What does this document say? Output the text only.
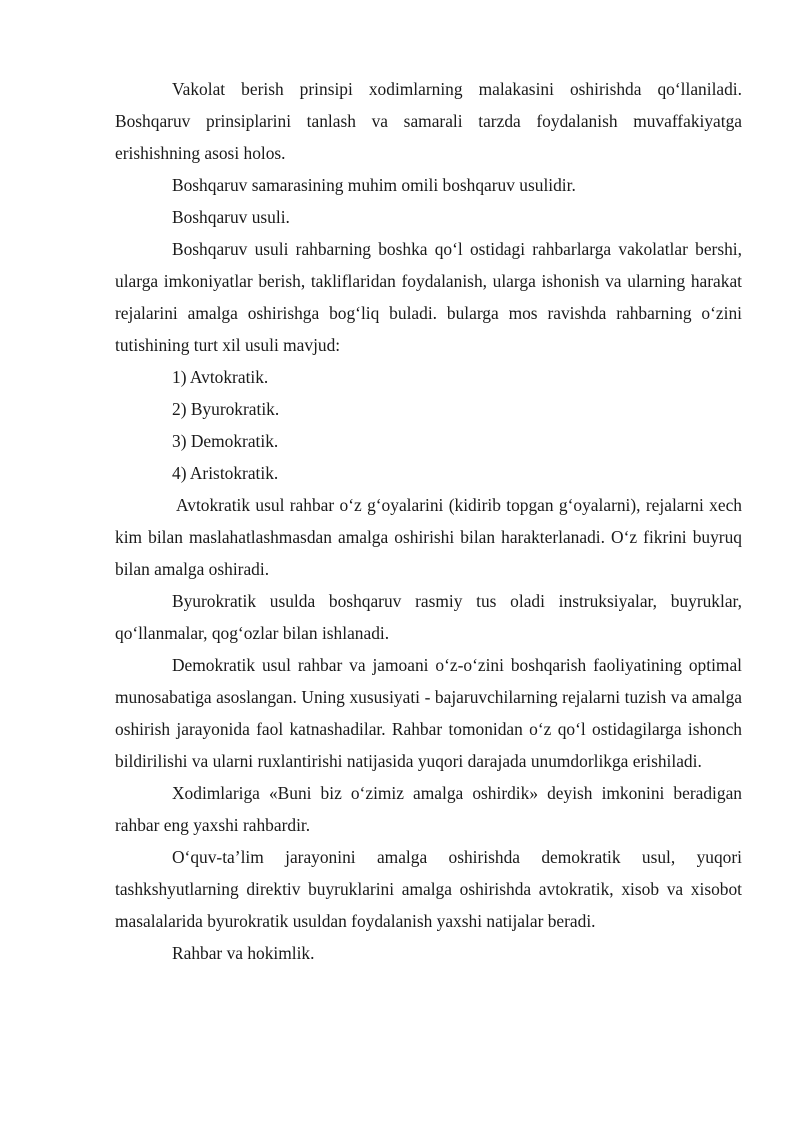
Vakolat berish prinsipi xodimlarning malakasini oshirishda qo‘llaniladi. Boshqaruv prinsiplarini tanlash va samarali tarzda foydalanish muvaffakiyatga erishishning asosi holos.

Boshqaruv samarasining muhim omili boshqaruv usulidir.

Boshqaruv usuli.

Boshqaruv usuli rahbarning boshka qo‘l ostidagi rahbarlarga vakolatlar bershi, ularga imkoniyatlar berish, takliflaridan foydalanish, ularga ishonish va ularning harakat rejalarini amalga oshirishga bog‘liq buladi. bularga mos ravishda rahbarning o‘zini tutishining turt xil usuli mavjud:

1) Avtokratik.

2) Byurokratik.

3) Demokratik.

4) Aristokratik.

Avtokratik usul rahbar o‘z g‘oyalarini (kidirib topgan g‘oyalarni), rejalarni xech kim bilan maslahatlashmasdan amalga oshirishi bilan harakterlanadi. O‘z fikrini buyruq bilan amalga oshiradi.

Byurokratik usulda boshqaruv rasmiy tus oladi instruksiyalar, buyruklar, qo‘llanmalar, qog‘ozlar bilan ishlanadi.

Demokratik usul rahbar va jamoani o‘z-o‘zini boshqarish faoliyatining optimal munosabatiga asoslangan. Uning xususiyati - bajaruvchilarning rejalarni tuzish va amalga oshirish jarayonida faol katnashadilar. Rahbar tomonidan o‘z qo‘l ostidagilarga ishonch bildirilishi va ularni ruxlantirishi natijasida yuqori darajada unumdorlikga erishiladi.

Xodimlariga «Buni biz o‘zimiz amalga oshirdik» deyish imkonini beradigan rahbar eng yaxshi rahbardir.

O‘quv-ta’lim jarayonini amalga oshirishda demokratik usul, yuqori tashkshyutlarning direktiv buyruklarini amalga oshirishda avtokratik, xisob va xisobot masalalarida byurokratik usuldan foydalanish yaxshi natijalar beradi.

Rahbar va hokimlik.
